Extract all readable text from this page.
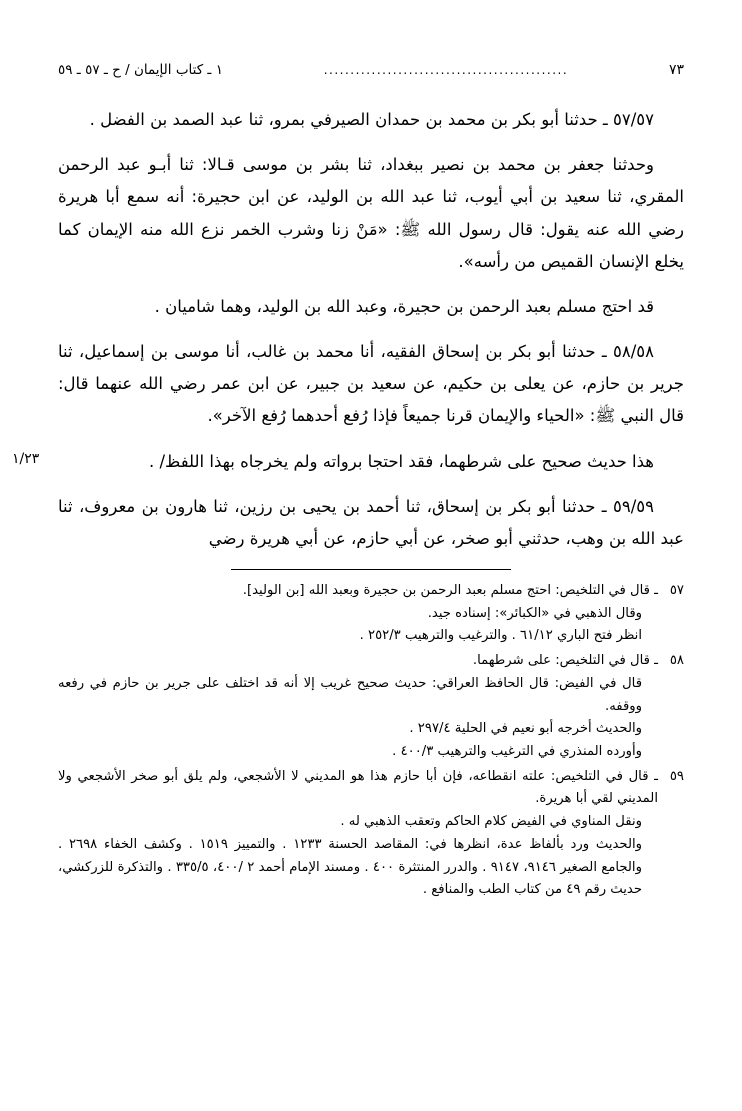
١ ـ كتاب الإيمان / ح ـ ٥٧ ـ ٥٩	..............................................	٧٣

٥٧/٥٧ ـ حدثنا أبو بكر بن محمد بن حمدان الصيرفي بمرو، ثنا عبد الصمد بن الفضل .

وحدثنا جعفر بن محمد بن نصير ببغداد، ثنا بشر بن موسى قـالا: ثنا أبـو عبد الرحمن المقري، ثنا سعيد بن أبي أيوب، ثنا عبد الله بن الوليد، عن ابن حجيرة: أنه سمع أبا هريرة رضي الله عنه يقول: قال رسول الله ﷺ: «مَنْ زنا وشرب الخمر نزع الله منه الإيمان كما يخلع الإنسان القميص من رأسه».

قد احتج مسلم بعبد الرحمن بن حجيرة، وعبد الله بن الوليد، وهما شاميان .

٥٨/٥٨ ـ حدثنا أبو بكر بن إسحاق الفقيه، أنا محمد بن غالب، أنا موسى بن إسماعيل، ثنا جرير بن حازم، عن يعلى بن حكيم، عن سعيد بن جبير، عن ابن عمر رضي الله عنهما قال: قال النبي ﷺ: «الحياء والإيمان قرنا جميعاً فإذا رُفع أحدهما رُفع الآخر».

١/٢٣	هذا حديث صحيح على شرطهما، فقد احتجا برواته ولم يخرجاه بهذا اللفظ/ .

٥٩/٥٩ ـ حدثنا أبو بكر بن إسحاق، ثنا أحمد بن يحيى بن رزين، ثنا هارون بن معروف، ثنا عبد الله بن وهب، حدثني أبو صخر، عن أبي حازم، عن أبي هريرة رضي

٥٧
ـ قال في التلخيص: احتج مسلم بعبد الرحمن بن حجيرة وبعبد الله [بن الوليد].
وقال الذهبي في «الكبائر»: إسناده جيد.
انظر فتح الباري ٦١/١٢ . والترغيب والترهيب ٢٥٢/٣ .
٥٨
ـ قال في التلخيص: على شرطهما.
قال في الفيض: قال الحافظ العراقي: حديث صحيح غريب إلا أنه قد اختلف على جرير بن حازم في رفعه ووقفه.
والحديث أخرجه أبو نعيم في الحلية ٢٩٧/٤ .
وأورده المنذري في الترغيب والترهيب ٤٠٠/٣ .
٥٩
ـ قال في التلخيص: علته انقطاعه، فإن أبا حازم هذا هو المديني لا الأشجعي، ولم يلق أبو صخر الأشجعي ولا المديني لقي أبا هريرة.
ونقل المناوي في الفيض كلام الحاكم وتعقب الذهبي له .
والحديث ورد بألفاظ عدة، انظرها في: المقاصد الحسنة ١٢٣٣ . والتمييز ١٥١٩ . وكشف الخفاء ٢٦٩٨ . والجامع الصغير ٩١٤٦، ٩١٤٧ . والدرر المنتثرة ٤٠٠ . ومسند الإمام أحمد ٢ /٤٠٠، ٣٣٥/٥ . والتذكرة للزركشي، حديث رقم ٤٩ من كتاب الطب والمنافع .
